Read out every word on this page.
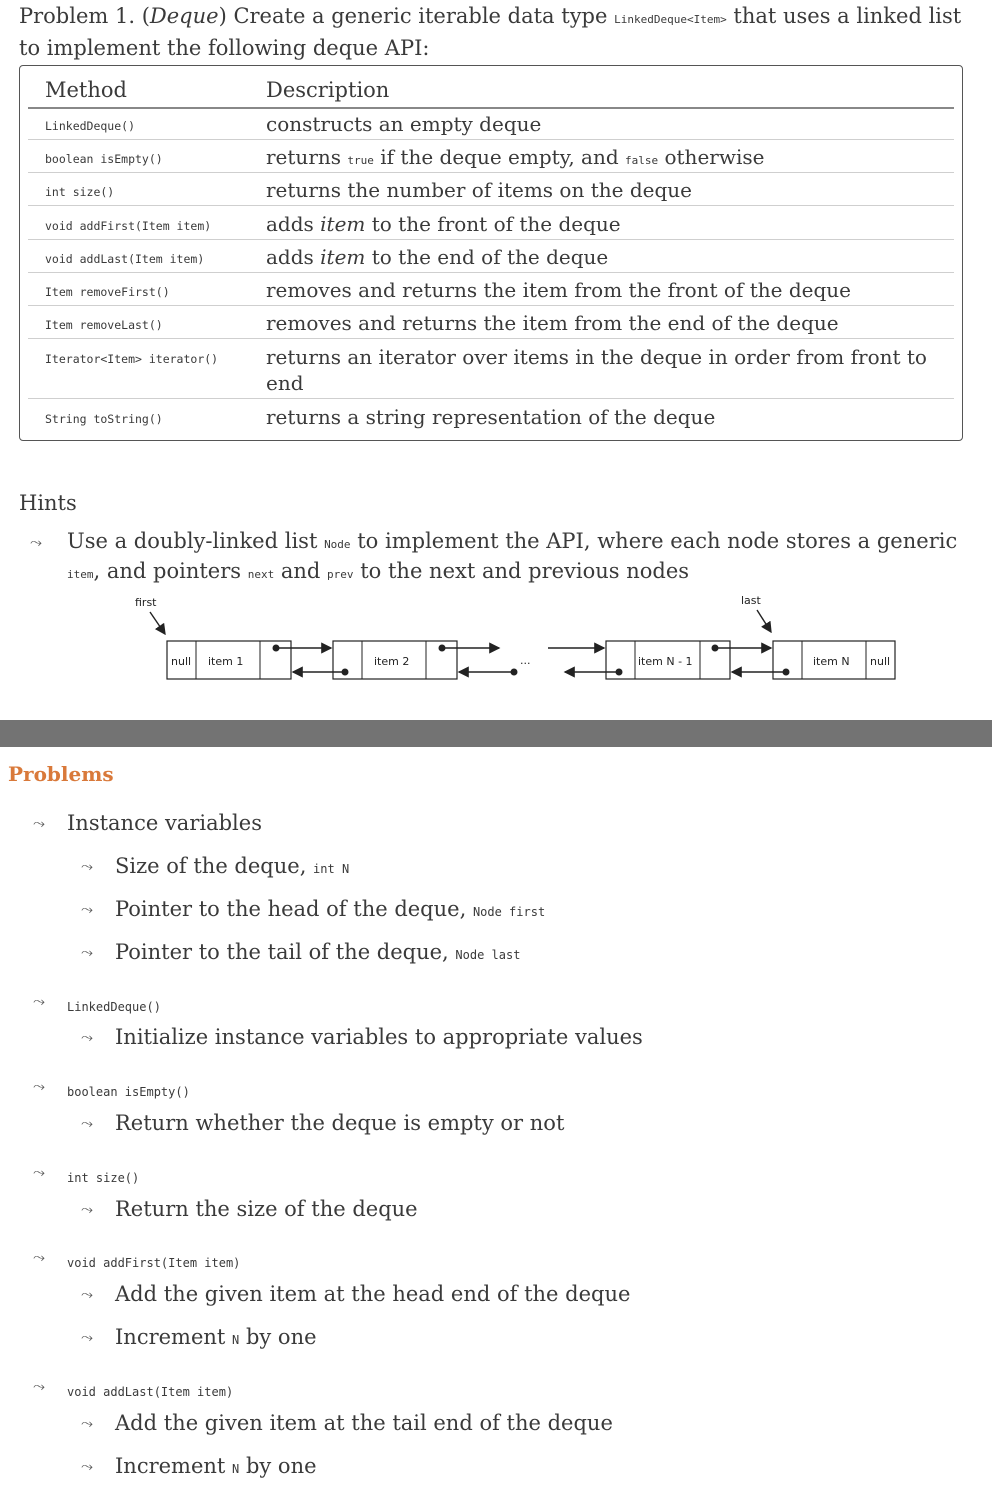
Problem 1. (Deque) Create a generic iterable data type LinkedDeque<Item> that uses a linked list to implement the following deque API:
Method	Description
LinkedDeque()	constructs an empty deque
boolean isEmpty()	returns true if the deque empty, and false otherwise
int size()	returns the number of items on the deque
void addFirst(Item item)	adds item to the front of the deque
void addLast(Item item)	adds item to the end of the deque
Item removeFirst()	removes and returns the item from the front of the deque
Item removeLast()	removes and returns the item from the end of the deque
Iterator<Item> iterator() returns an iterator over items in the deque in order from front to end
String toString()	returns a string representation of the deque
Hints
⤳ Use a doubly-linked list Node to implement the API, where each node stores a generic item, and pointers next and prev to the next and previous nodes
first	last
null item 1	item 2	item N - 1	item N null
...
Problems
⤳ Instance variables
⤳ Size of the deque, int N
⤳ Pointer to the head of the deque, Node first
⤳ Pointer to the tail of the deque, Node last
⤳ LinkedDeque()
⤳ Initialize instance variables to appropriate values
⤳ boolean isEmpty()
⤳ Return whether the deque is empty or not
⤳ int size()
⤳ Return the size of the deque
⤳ void addFirst(Item item)
⤳ Add the given item at the head end of the deque
⤳ Increment N by one
⤳ void addLast(Item item)
⤳ Add the given item at the tail end of the deque
⤳ Increment N by one
